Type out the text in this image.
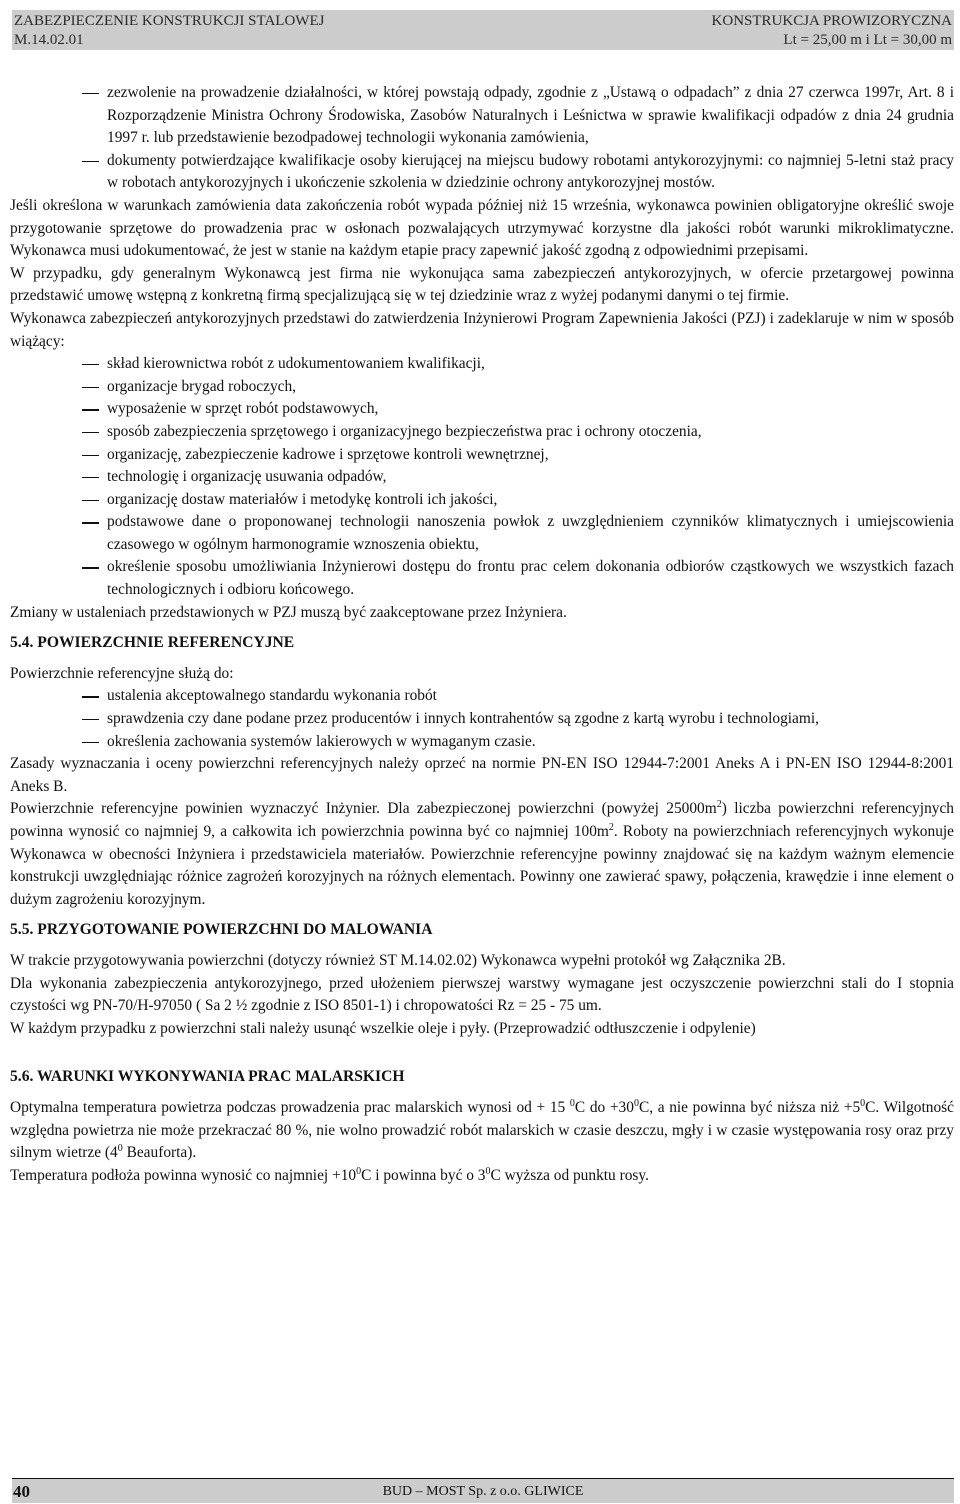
ZABEZPIECZENIE KONSTRUKCJI STALOWEJ
M.14.02.01
KONSTRUKCJA PROWIZORYCZNA
Lt = 25,00 m i Lt = 30,00 m

zezwolenie na prowadzenie działalności, w której powstają odpady, zgodnie z „Ustawą o odpadach” z dnia 27 czerwca 1997r, Art. 8 i Rozporządzenie Ministra Ochrony Środowiska, Zasobów Naturalnych i Leśnictwa w sprawie kwalifikacji odpadów z dnia 24 grudnia 1997 r. lub przedstawienie bezodpadowej technologii wykonania zamówienia,

dokumenty potwierdzające kwalifikacje osoby kierującej na miejscu budowy robotami antykorozyjnymi: co najmniej 5-letni staż pracy w robotach antykorozyjnych i ukończenie szkolenia w dziedzinie ochrony antykorozyjnej mostów.

Jeśli określona w warunkach zamówienia data zakończenia robót wypada później niż 15 września, wykonawca powinien obligatoryjne określić swoje przygotowanie sprzętowe do prowadzenia prac w osłonach pozwalających utrzymywać korzystne dla jakości robót warunki mikroklimatyczne. Wykonawca musi udokumentować, że jest w stanie na każdym etapie pracy zapewnić jakość zgodną z odpowiednimi przepisami.

W przypadku, gdy generalnym Wykonawcą jest firma nie wykonująca sama zabezpieczeń antykorozyjnych, w ofercie przetargowej powinna przedstawić umowę wstępną z konkretną firmą specjalizującą się w tej dziedzinie wraz z wyżej podanymi danymi o tej firmie.

Wykonawca zabezpieczeń antykorozyjnych przedstawi do zatwierdzenia Inżynierowi Program Zapewnienia Jakości (PZJ) i zadeklaruje w nim w sposób wiążący:

skład kierownictwa robót z udokumentowaniem kwalifikacji,

organizacje brygad roboczych,

wyposażenie w sprzęt robót podstawowych,

sposób zabezpieczenia sprzętowego i organizacyjnego bezpieczeństwa prac i ochrony otoczenia,

organizację, zabezpieczenie kadrowe i sprzętowe kontroli wewnętrznej,

technologię i organizację usuwania odpadów,

organizację dostaw materiałów i metodykę kontroli ich jakości,

podstawowe dane o proponowanej technologii nanoszenia powłok z uwzględnieniem czynników klimatycznych i umiejscowienia czasowego w ogólnym harmonogramie wznoszenia obiektu,

określenie sposobu umożliwiania Inżynierowi dostępu do frontu prac celem dokonania odbiorów cząstkowych we wszystkich fazach technologicznych i odbioru końcowego.

Zmiany w ustaleniach przedstawionych w PZJ muszą być zaakceptowane przez Inżyniera.

5.4. POWIERZCHNIE REFERENCYJNE

Powierzchnie referencyjne służą do:

ustalenia akceptowalnego standardu wykonania robót

sprawdzenia czy dane podane przez producentów i innych kontrahentów są zgodne z kartą wyrobu i technologiami,

określenia zachowania systemów lakierowych w wymaganym czasie.

Zasady wyznaczania i oceny powierzchni referencyjnych należy oprzeć na normie PN-EN ISO 12944-7:2001 Aneks A i PN-EN ISO 12944-8:2001 Aneks B.

Powierzchnie referencyjne powinien wyznaczyć Inżynier. Dla zabezpieczonej powierzchni (powyżej $25000m^2$) liczba powierzchni referencyjnych powinna wynosić co najmniej 9, a całkowita ich powierzchnia powinna być co najmniej $100m^2$. Roboty na powierzchniach referencyjnych wykonuje Wykonawca w obecności Inżyniera i przedstawiciela materiałów. Powierzchnie referencyjne powinny znajdować się na każdym ważnym elemencie konstrukcji uwzględniając różnice zagrożeń korozyjnych na różnych elementach. Powinny one zawierać spawy, połączenia, krawędzie i inne element o dużym zagrożeniu korozyjnym.

5.5. PRZYGOTOWANIE POWIERZCHNI DO MALOWANIA

W trakcie przygotowywania powierzchni (dotyczy również ST M.14.02.02) Wykonawca wypełni protokół wg Załącznika 2B.

Dla wykonania zabezpieczenia antykorozyjnego, przed ułożeniem pierwszej warstwy wymagane jest oczyszczenie powierzchni stali do I stopnia czystości wg PN-70/H-97050 ( Sa 2 ½ zgodnie z ISO 8501-1) i chropowatości Rz = 25 - 75 um.

W każdym przypadku z powierzchni stali należy usunąć wszelkie oleje i pyły. (Przeprowadzić odtłuszczenie i odpylenie)

5.6. WARUNKI WYKONYWANIA PRAC MALARSKICH

Optymalna temperatura powietrza podczas prowadzenia prac malarskich wynosi od + 15 $^0$C do $+30^0C$, a nie powinna być niższa niż $+5^0C$. Wilgotność względna powietrza nie może przekraczać 80 %, nie wolno prowadzić robót malarskich w czasie deszczu, mgły i w czasie występowania rosy oraz przy silnym wietrze ($4^0$ Beauforta).

Temperatura podłoża powinna wynosić co najmniej $+10^0C$ i powinna być o $3^0C$ wyższa od punktu rosy.

40	BUD – MOST Sp. z o.o. GLIWICE
